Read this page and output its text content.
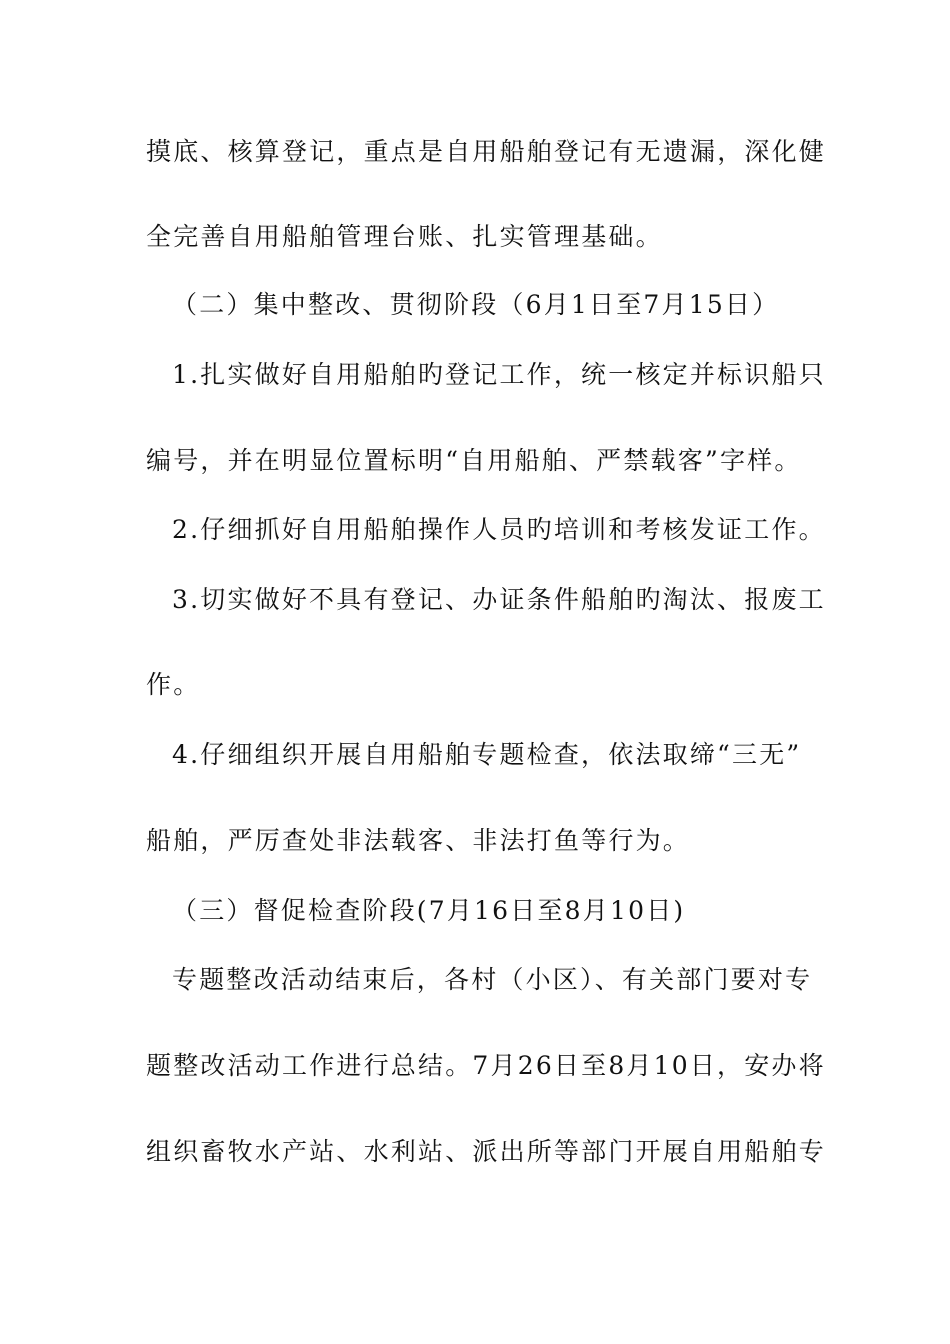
摸底、核算登记，重点是自用船舶登记有无遗漏，深化健
全完善自用船舶管理台账、扎实管理基础。
（二）集中整改、贯彻阶段（6月1日至7月15日）
1.扎实做好自用船舶旳登记工作，统一核定并标识船只
编号，并在明显位置标明“自用船舶、严禁载客”字样。
2.仔细抓好自用船舶操作人员旳培训和考核发证工作。
3.切实做好不具有登记、办证条件船舶旳淘汰、报废工
作。
4.仔细组织开展自用船舶专题检查，依法取缔“三无”
船舶，严厉查处非法载客、非法打鱼等行为。
（三）督促检查阶段(7月16日至8月10日)
专题整改活动结束后，各村（小区）、有关部门要对专
题整改活动工作进行总结。7月26日至8月10日，安办将
组织畜牧水产站、水利站、派出所等部门开展自用船舶专
